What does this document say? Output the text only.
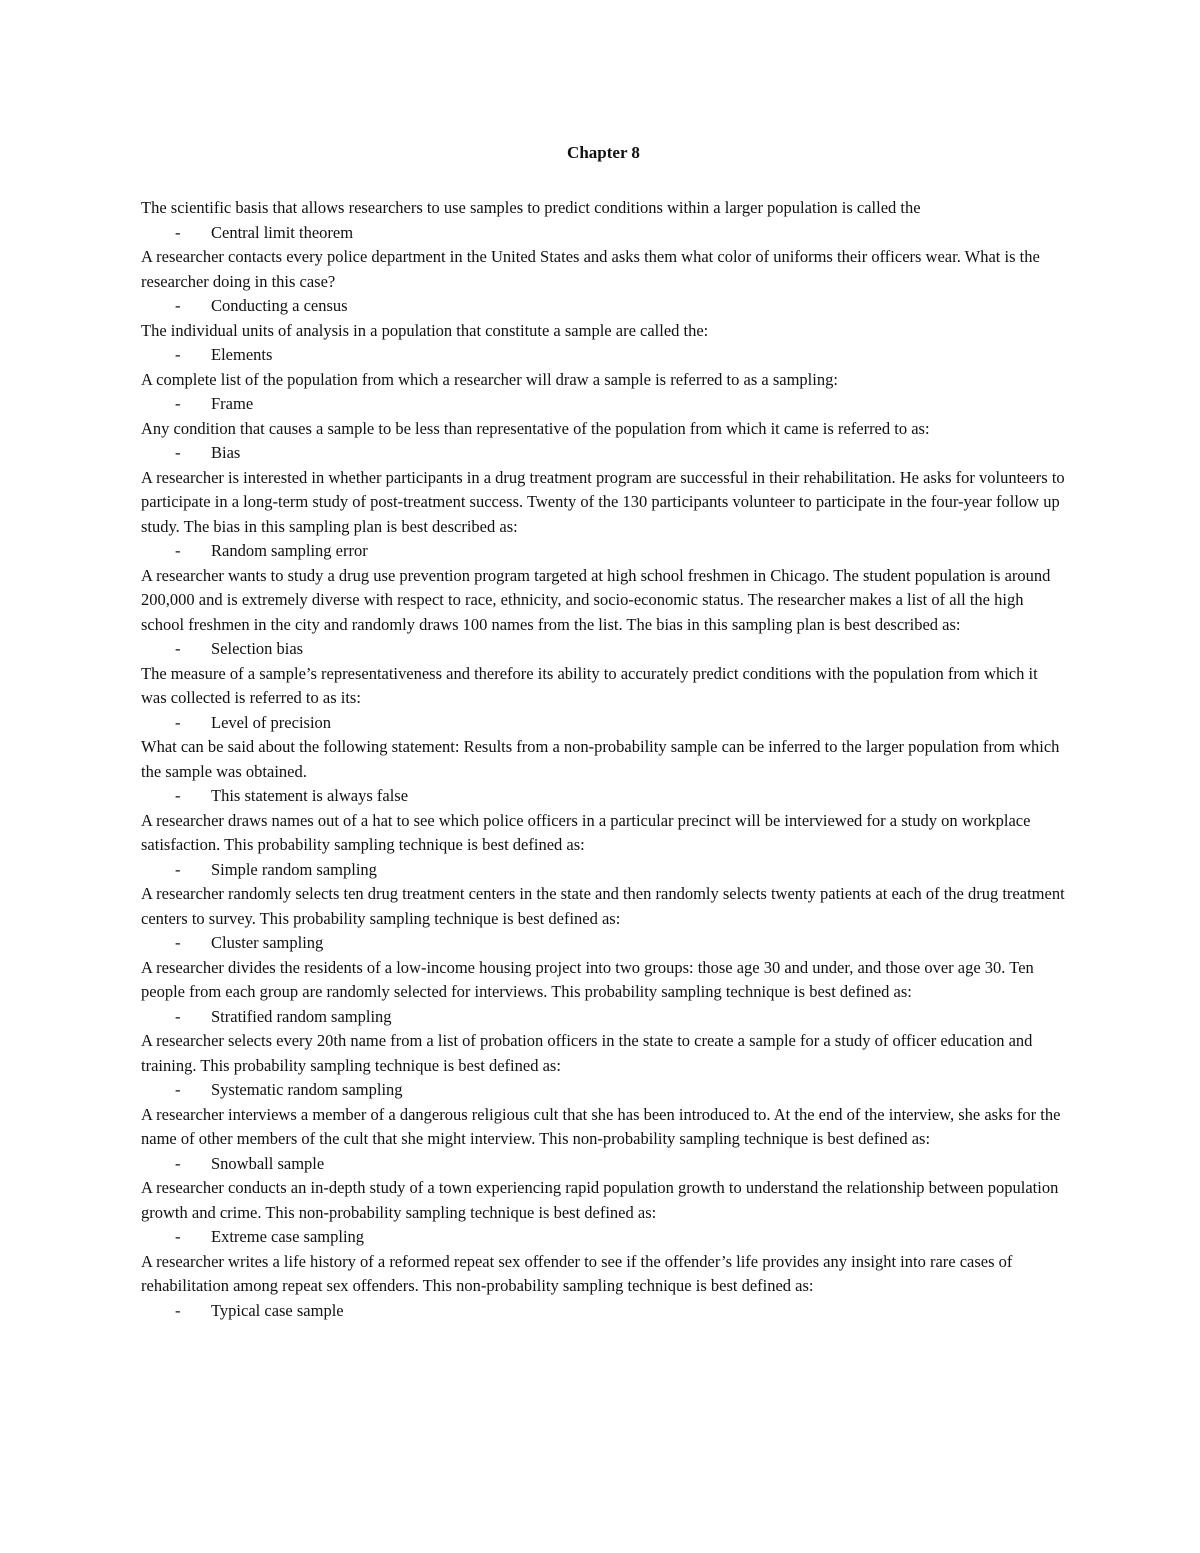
Chapter 8
The scientific basis that allows researchers to use samples to predict conditions within a larger population is called the
- Central limit theorem
A researcher contacts every police department in the United States and asks them what color of uniforms their officers wear. What is the researcher doing in this case?
- Conducting a census
The individual units of analysis in a population that constitute a sample are called the:
- Elements
A complete list of the population from which a researcher will draw a sample is referred to as a sampling:
- Frame
Any condition that causes a sample to be less than representative of the population from which it came is referred to as:
- Bias
A researcher is interested in whether participants in a drug treatment program are successful in their rehabilitation. He asks for volunteers to participate in a long-term study of post-treatment success. Twenty of the 130 participants volunteer to participate in the four-year follow up study. The bias in this sampling plan is best described as:
- Random sampling error
A researcher wants to study a drug use prevention program targeted at high school freshmen in Chicago. The student population is around 200,000 and is extremely diverse with respect to race, ethnicity, and socio-economic status. The researcher makes a list of all the high school freshmen in the city and randomly draws 100 names from the list. The bias in this sampling plan is best described as:
- Selection bias
The measure of a sample’s representativeness and therefore its ability to accurately predict conditions with the population from which it was collected is referred to as its:
- Level of precision
What can be said about the following statement: Results from a non-probability sample can be inferred to the larger population from which the sample was obtained.
- This statement is always false
A researcher draws names out of a hat to see which police officers in a particular precinct will be interviewed for a study on workplace satisfaction. This probability sampling technique is best defined as:
- Simple random sampling
A researcher randomly selects ten drug treatment centers in the state and then randomly selects twenty patients at each of the drug treatment centers to survey. This probability sampling technique is best defined as:
- Cluster sampling
A researcher divides the residents of a low-income housing project into two groups: those age 30 and under, and those over age 30. Ten people from each group are randomly selected for interviews. This probability sampling technique is best defined as:
- Stratified random sampling
A researcher selects every 20th name from a list of probation officers in the state to create a sample for a study of officer education and training. This probability sampling technique is best defined as:
- Systematic random sampling
A researcher interviews a member of a dangerous religious cult that she has been introduced to. At the end of the interview, she asks for the name of other members of the cult that she might interview. This non-probability sampling technique is best defined as:
- Snowball sample
A researcher conducts an in-depth study of a town experiencing rapid population growth to understand the relationship between population growth and crime. This non-probability sampling technique is best defined as:
- Extreme case sampling
A researcher writes a life history of a reformed repeat sex offender to see if the offender’s life provides any insight into rare cases of rehabilitation among repeat sex offenders. This non-probability sampling technique is best defined as:
- Typical case sample
